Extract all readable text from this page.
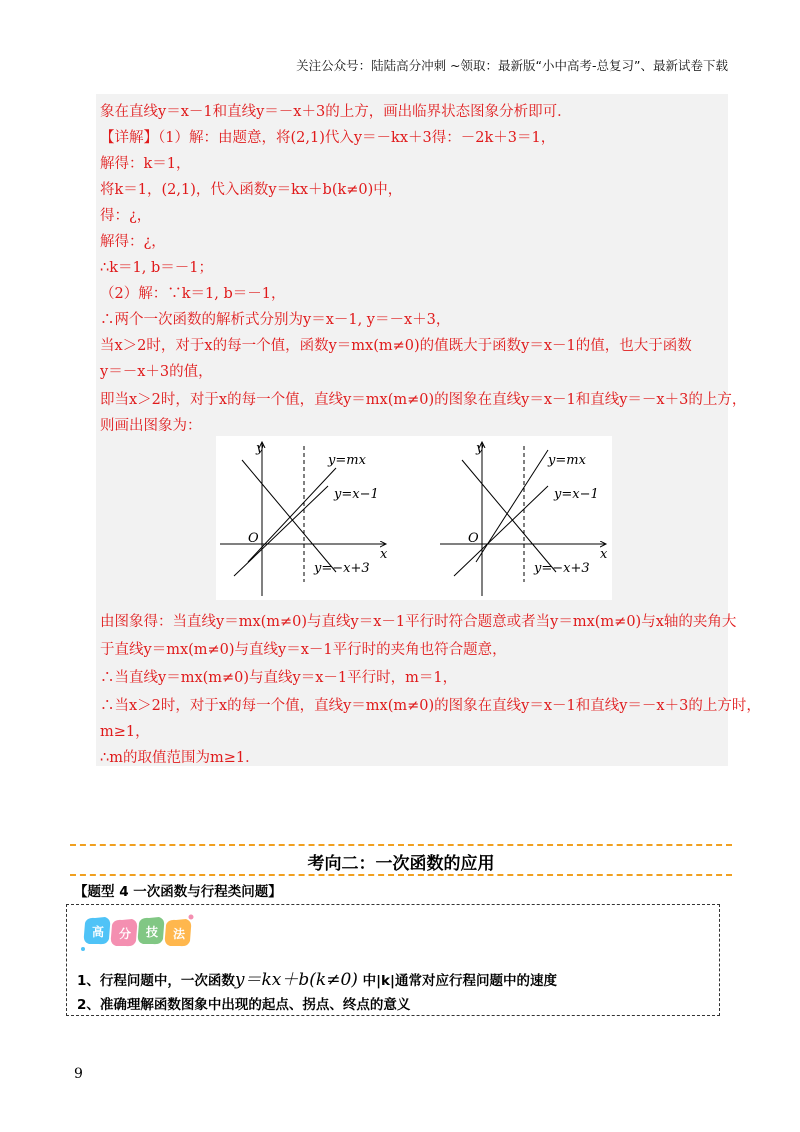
关注公众号：陆陆高分冲刺 ~领取：最新版“小中高考-总复习”、最新试卷下载
象在直线y＝x－1和直线y＝－x＋3的上方，画出临界状态图象分析即可．
【详解】（1）解：由题意，将(2,1)代入y＝－kx＋3得：－2k＋3＝1，
解得：k＝1，
将k＝1，(2,1)，代入函数y＝kx＋b(k≠0)中，
得：¿，
解得：¿，
∴k＝1, b＝－1；
（2）解：∵k＝1, b＝－1，
∴两个一次函数的解析式分别为y＝x－1, y＝－x＋3，
当x＞2时，对于x的每一个值，函数y＝mx(m≠0)的值既大于函数y＝x－1的值，也大于函数
y＝－x＋3的值，
即当x＞2时，对于x的每一个值，直线y＝mx(m≠0)的图象在直线y＝x－1和直线y＝－x＋3的上方，
则画出图象为：
y
x
O
y=mx
y=x−1
y=−x+3
y
x
O
y=mx
y=x−1
y=−x+3
由图象得：当直线y＝mx(m≠0)与直线y＝x－1平行时符合题意或者当y＝mx(m≠0)与x轴的夹角大
于直线y＝mx(m≠0)与直线y＝x－1平行时的夹角也符合题意，
∴当直线y＝mx(m≠0)与直线y＝x－1平行时，m＝1，
∴当x＞2时，对于x的每一个值，直线y＝mx(m≠0)的图象在直线y＝x－1和直线y＝－x＋3的上方时，
m≥1，
∴m的取值范围为m≥1．
考向二：一次函数的应用
【题型 4 一次函数与行程类问题】
高 分 技 法
1、行程问题中，一次函数y＝kx＋b(k≠0) 中|k|通常对应行程问题中的速度
2、准确理解函数图象中出现的起点、拐点、终点的意义
9
